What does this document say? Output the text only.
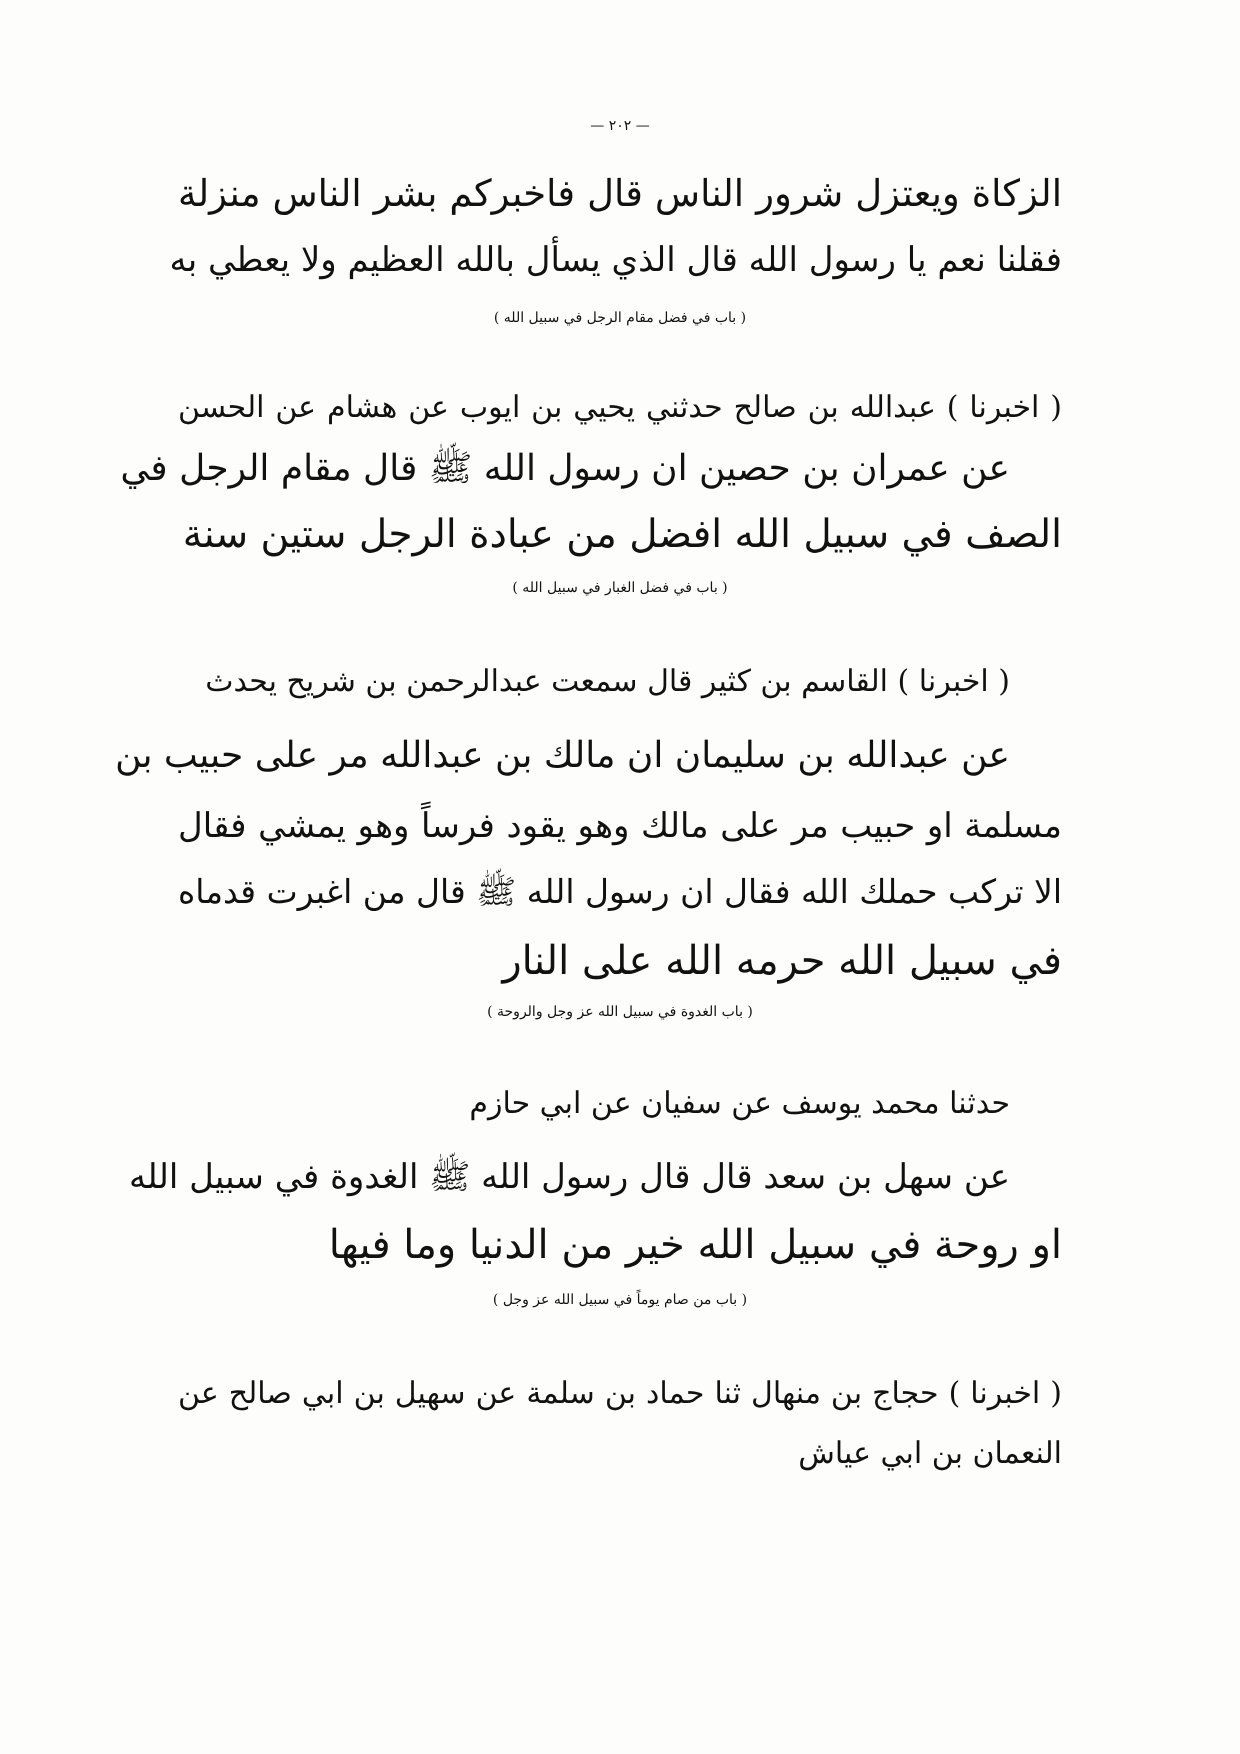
— ٢٠٢ —
الزكاة ويعتزل شرور الناس قال فاخبركم بشر الناس منزلة
فقلنا نعم يا رسول الله قال الذي يسأل بالله العظيم ولا يعطي به
( باب في فضل مقام الرجل في سبيل الله )
( اخبرنا ) عبدالله بن صالح حدثني يحيي بن ايوب عن هشام عن الحسن
عن عمران بن حصين ان رسول الله ﷺ قال مقام الرجل في
الصف في سبيل الله افضل من عبادة الرجل ستين سنة
( باب في فضل الغبار في سبيل الله )
( اخبرنا ) القاسم بن كثير قال سمعت عبدالرحمن بن شريح يحدث
عن عبدالله بن سليمان ان مالك بن عبدالله مر على حبيب بن
مسلمة او حبيب مر على مالك وهو يقود فرساً وهو يمشي فقال
الا تركب حملك الله فقال ان رسول الله ﷺ قال من اغبرت قدماه
في سبيل الله حرمه الله على النار
( باب الغدوة في سبيل الله عز وجل والروحة )
حدثنا محمد يوسف عن سفيان عن ابي حازم
عن سهل بن سعد قال قال رسول الله ﷺ الغدوة في سبيل الله
او روحة في سبيل الله خير من الدنيا وما فيها
( باب من صام يوماً في سبيل الله عز وجل )
( اخبرنا ) حجاج بن منهال ثنا حماد بن سلمة عن سهيل بن ابي صالح عن
النعمان بن ابي عياش
